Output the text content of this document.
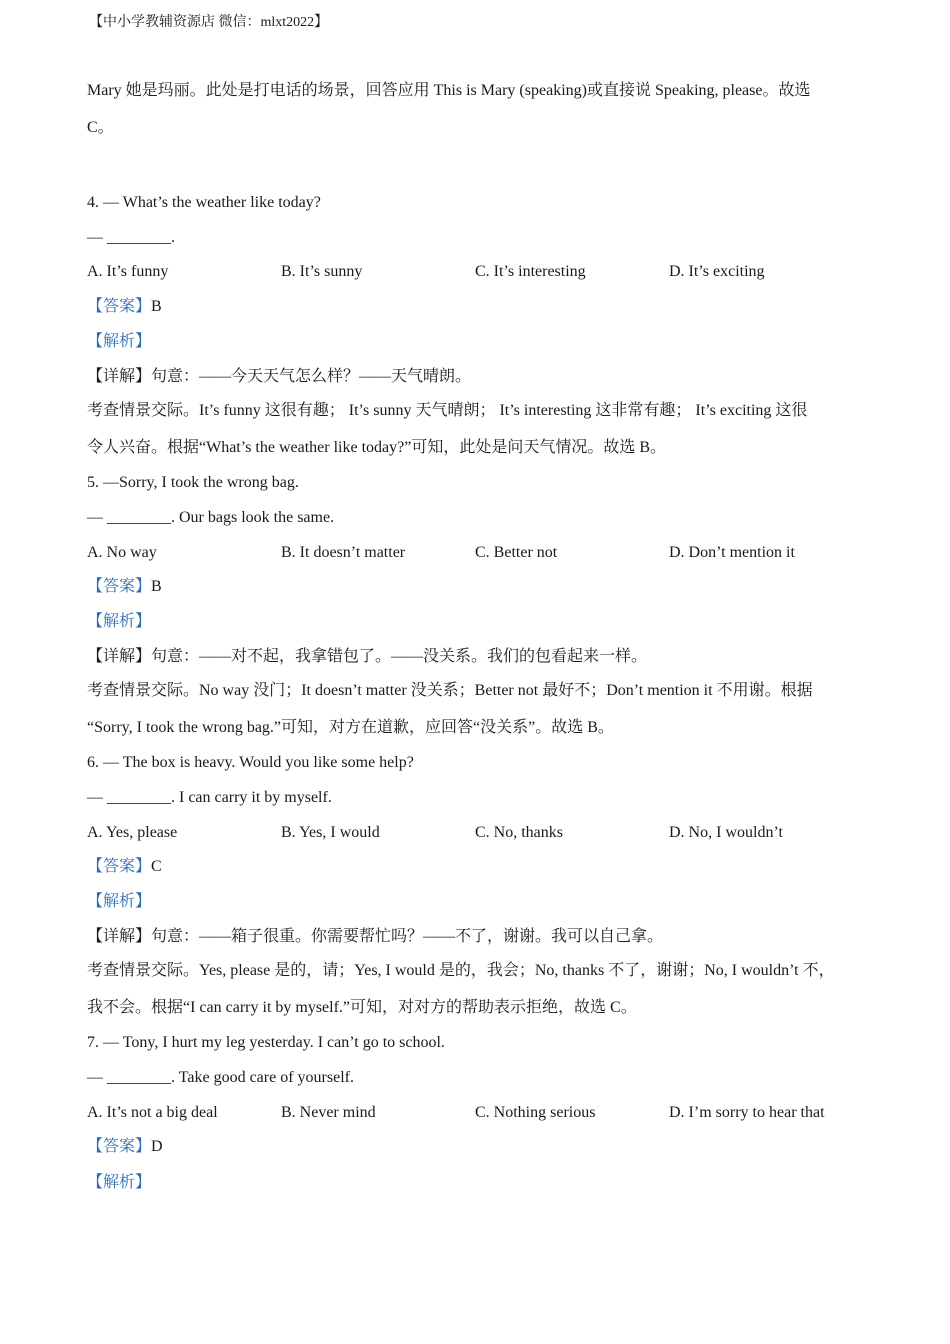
【中小学教辅资源店 微信：mlxt2022】
Mary 她是玛丽。此处是打电话的场景，回答应用 This is Mary (speaking)或直接说 Speaking, please。故选
C。
4. — What’s the weather like today?
— ________.
A. It’s funny	B. It’s sunny	C. It’s interesting	D. It’s exciting
【答案】B
【解析】
【详解】句意：——今天天气怎么样？——天气晴朗。
考查情景交际。It’s funny 这很有趣； It’s sunny 天气晴朗； It’s interesting 这非常有趣； It’s exciting 这很
令人兴奋。根据“What’s the weather like today?”可知，此处是问天气情况。故选 B。
5. —Sorry, I took the wrong bag.
— ________. Our bags look the same.
A. No way	B. It doesn’t matter	C. Better not	D. Don’t mention it
【答案】B
【解析】
【详解】句意：——对不起，我拿错包了。——没关系。我们的包看起来一样。
考查情景交际。No way 没门；It doesn’t matter 没关系；Better not 最好不；Don’t mention it 不用谢。根据
“Sorry, I took the wrong bag.”可知，对方在道歉，应回答“没关系”。故选 B。
6. — The box is heavy. Would you like some help?
— ________. I can carry it by myself.
A. Yes, please	B. Yes, I would	C. No, thanks	D. No, I wouldn’t
【答案】C
【解析】
【详解】句意：——箱子很重。你需要帮忙吗？——不了，谢谢。我可以自己拿。
考查情景交际。Yes, please 是的，请；Yes, I would 是的，我会；No, thanks 不了，谢谢；No, I wouldn’t 不，
我不会。根据“I can carry it by myself.”可知，对对方的帮助表示拒绝，故选 C。
7. — Tony, I hurt my leg yesterday. I can’t go to school.
— ________. Take good care of yourself.
A. It’s not a big deal	B. Never mind	C. Nothing serious	D. I’m sorry to hear that
【答案】D
【解析】
